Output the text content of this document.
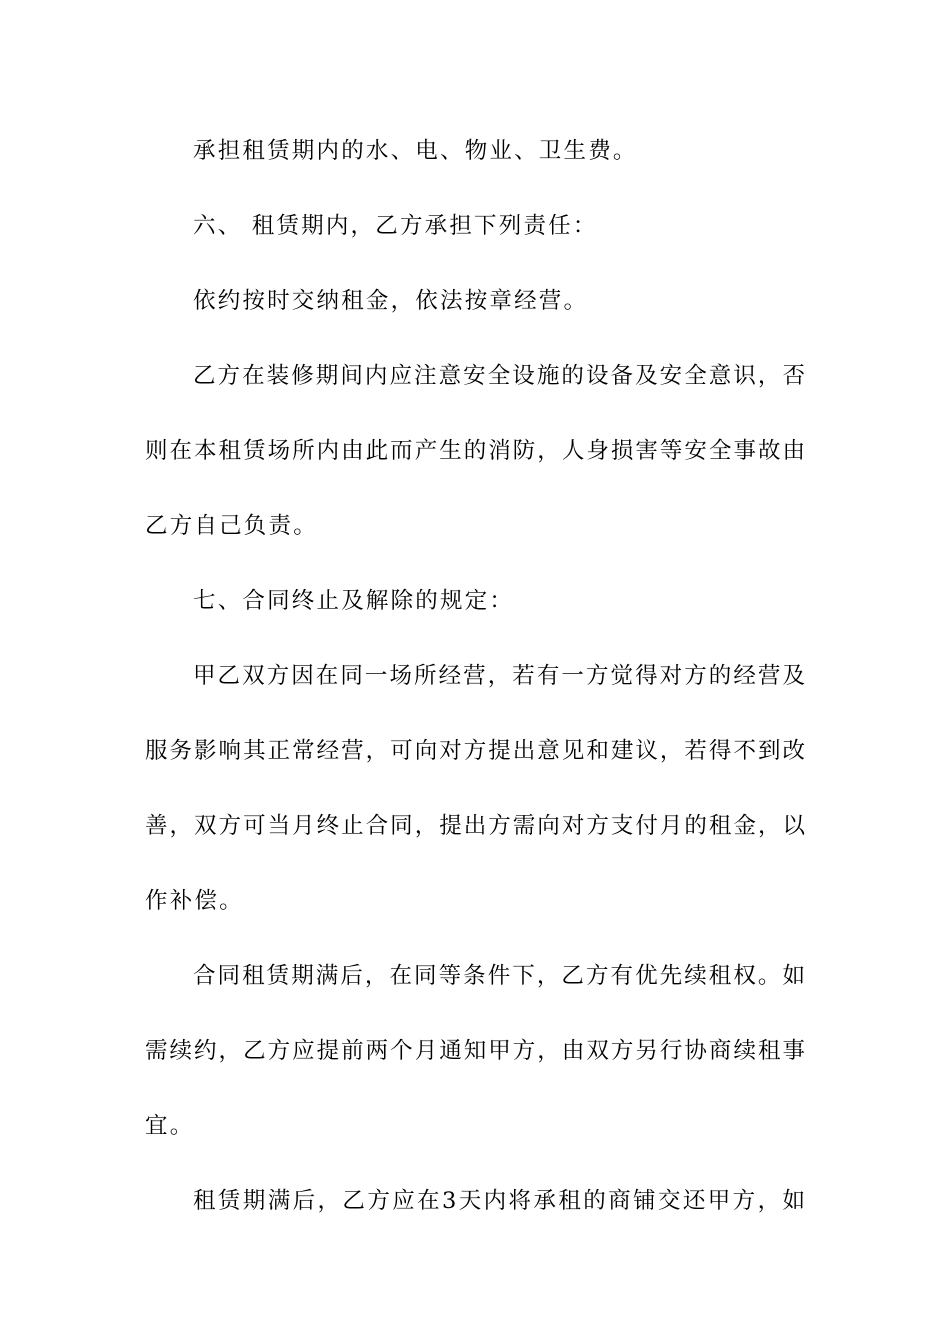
承担租赁期内的水、电、物业、卫生费。
六、 租赁期内，乙方承担下列责任：
依约按时交纳租金，依法按章经营。
乙方在装修期间内应注意安全设施的设备及安全意识，否
则在本租赁场所内由此而产生的消防，人身损害等安全事故由
乙方自己负责。
七、合同终止及解除的规定：
甲乙双方因在同一场所经营，若有一方觉得对方的经营及
服务影响其正常经营，可向对方提出意见和建议，若得不到改
善，双方可当月终止合同，提出方需向对方支付月的租金，以
作补偿。
合同租赁期满后，在同等条件下，乙方有优先续租权。如
需续约，乙方应提前两个月通知甲方，由双方另行协商续租事
宜。
租赁期满后，乙方应在3天内将承租的商铺交还甲方，如
